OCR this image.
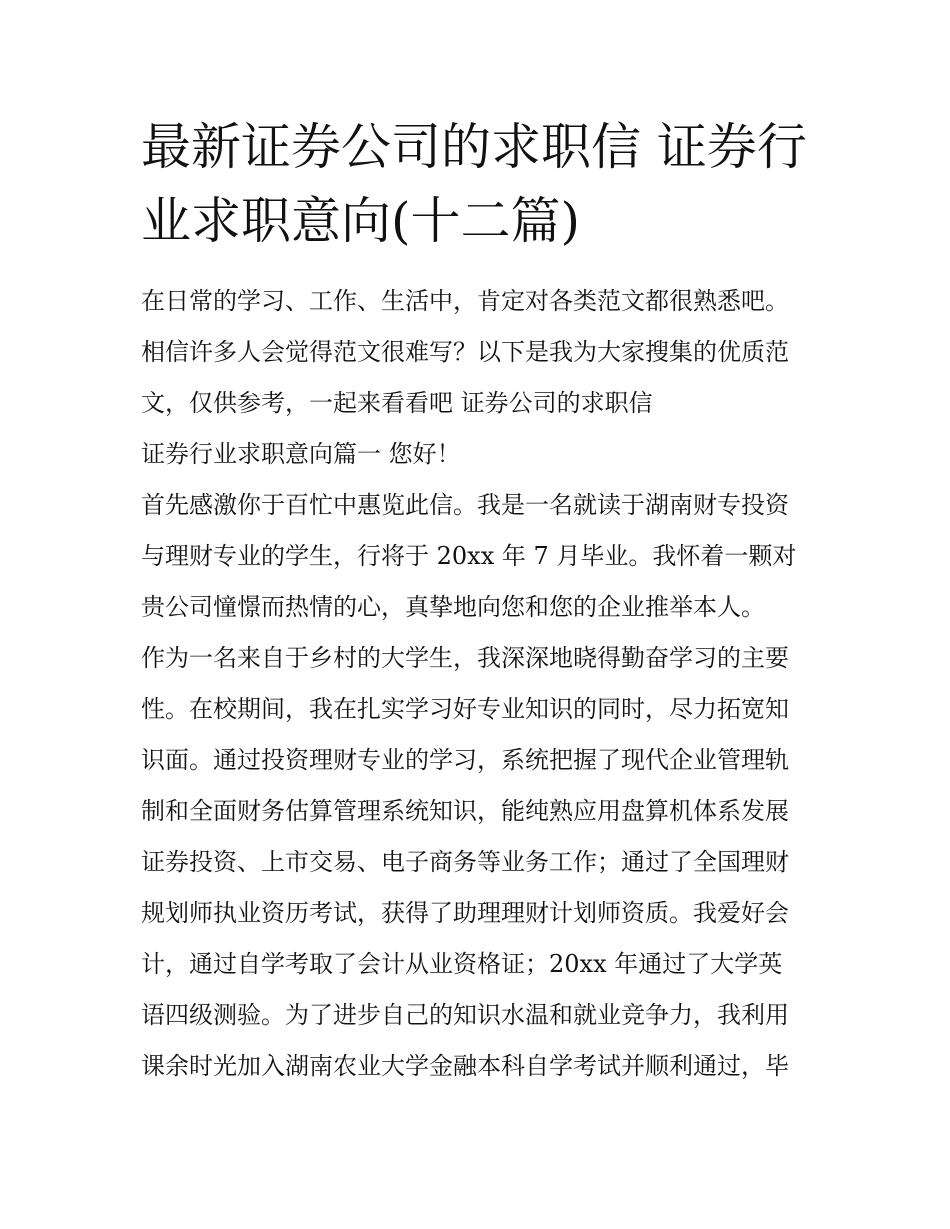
最新证券公司的求职信 证券行
业求职意向(十二篇)
在日常的学习、工作、生活中，肯定对各类范文都很熟悉吧。
相信许多人会觉得范文很难写？以下是我为大家搜集的优质范
文，仅供参考，一起来看看吧 证券公司的求职信
证券行业求职意向篇一 您好！
首先感激你于百忙中惠览此信。我是一名就读于湖南财专投资
与理财专业的学生，行将于 20xx 年 7 月毕业。我怀着一颗对
贵公司憧憬而热情的心，真挚地向您和您的企业推举本人。
作为一名来自于乡村的大学生，我深深地晓得勤奋学习的主要
性。在校期间，我在扎实学习好专业知识的同时，尽力拓宽知
识面。通过投资理财专业的学习，系统把握了现代企业管理轨
制和全面财务估算管理系统知识，能纯熟应用盘算机体系发展
证券投资、上市交易、电子商务等业务工作；通过了全国理财
规划师执业资历考试，获得了助理理财计划师资质。我爱好会
计，通过自学考取了会计从业资格证；20xx 年通过了大学英
语四级测验。为了进步自己的知识水温和就业竞争力，我利用
课余时光加入湖南农业大学金融本科自学考试并顺利通过，毕
